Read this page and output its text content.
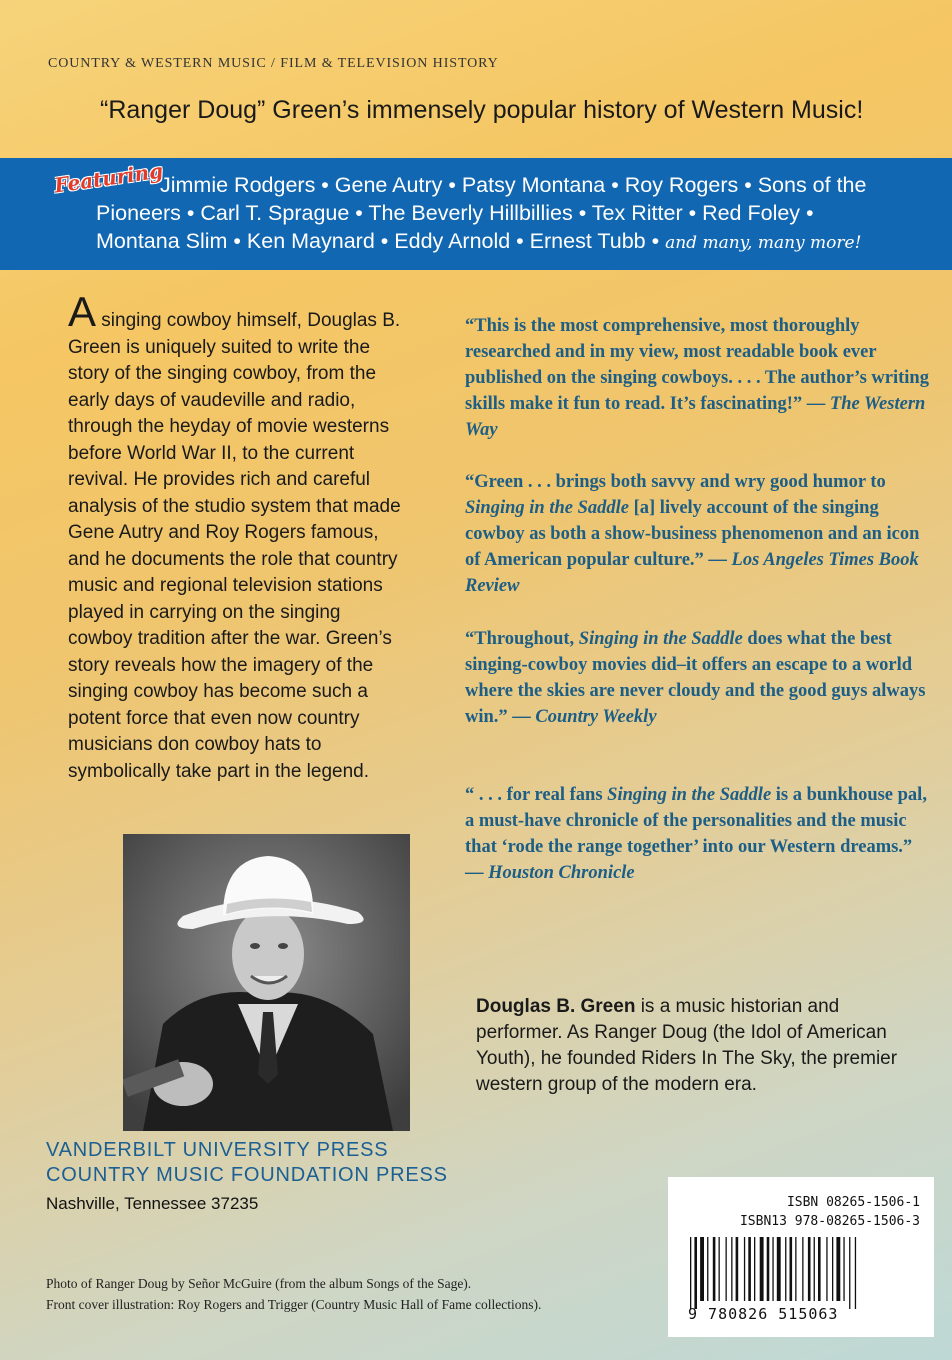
COUNTRY & WESTERN MUSIC / FILM & TELEVISION HISTORY
“Ranger Doug” Green’s immensely popular history of Western Music!
Featuring
Jimmie Rodgers • Gene Autry • Patsy Montana • Roy Rogers • Sons of the
Pioneers • Carl T. Sprague • The Beverly Hillbillies • Tex Ritter • Red Foley •
Montana Slim • Ken Maynard • Eddy Arnold • Ernest Tubb • and many, many more!
A singing cowboy himself, Douglas B. Green is uniquely suited to write the story of the singing cowboy, from the early days of vaudeville and radio, through the heyday of movie westerns before World War II, to the current revival. He provides rich and careful analysis of the studio system that made Gene Autry and Roy Rogers famous, and he documents the role that country music and regional television stations played in carrying on the singing cowboy tradition after the war. Green’s story reveals how the imagery of the singing cowboy has become such a potent force that even now country musicians don cowboy hats to symbolically take part in the legend.
“This is the most comprehensive, most thoroughly researched and in my view, most readable book ever published on the singing cowboys. . . . The author’s writing skills make it fun to read. It’s fascinating!” — The Western Way
“Green . . . brings both savvy and wry good humor to Singing in the Saddle [a] lively account of the singing cowboy as both a show-business phenomenon and an icon of American popular culture.” — Los Angeles Times Book Review
“Throughout, Singing in the Saddle does what the best singing-cowboy movies did–it offers an escape to a world where the skies are never cloudy and the good guys always win.” — Country Weekly
“ . . . for real fans Singing in the Saddle is a bunkhouse pal, a must-have chronicle of the personalities and the music that ‘rode the range together’ into our Western dreams.” — Houston Chronicle
Douglas B. Green is a music historian and performer. As Ranger Doug (the Idol of American Youth), he founded Riders In The Sky, the premier western group of the modern era.
VANDERBILT UNIVERSITY PRESS
COUNTRY MUSIC FOUNDATION PRESS
Nashville, Tennessee 37235
Photo of Ranger Doug by Señor McGuire (from the album Songs of the Sage).
Front cover illustration: Roy Rogers and Trigger (Country Music Hall of Fame collections).
ISBN 08265-1506-1
ISBN13 978-08265-1506-3
9 780826 515063
